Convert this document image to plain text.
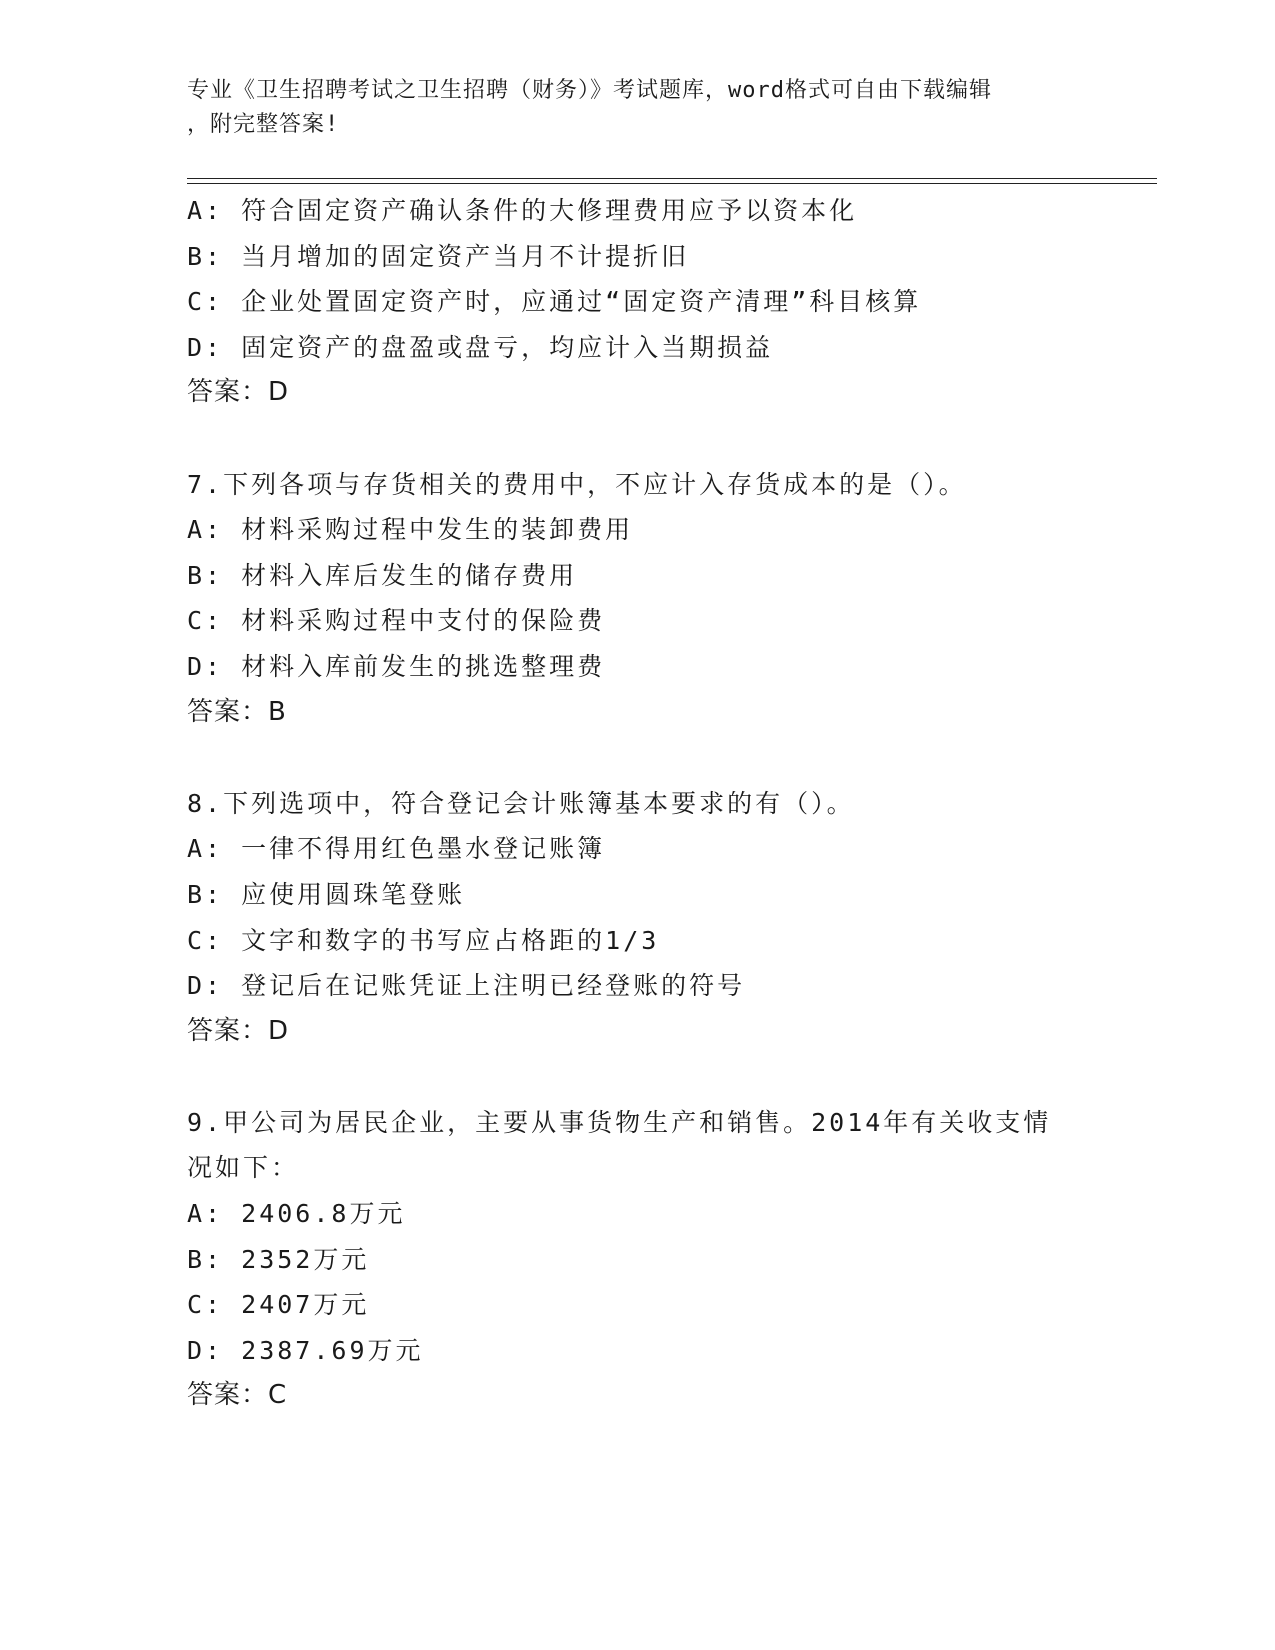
专业《卫生招聘考试之卫生招聘（财务）》考试题库，word格式可自由下载编辑
，附完整答案!
A: 符合固定资产确认条件的大修理费用应予以资本化
B: 当月增加的固定资产当月不计提折旧
C: 企业处置固定资产时，应通过“固定资产清理”科目核算
D: 固定资产的盘盈或盘亏，均应计入当期损益
答案：D
7.下列各项与存货相关的费用中，不应计入存货成本的是（）。
A: 材料采购过程中发生的装卸费用
B: 材料入库后发生的储存费用
C: 材料采购过程中支付的保险费
D: 材料入库前发生的挑选整理费
答案：B
8.下列选项中，符合登记会计账簿基本要求的有（）。
A: 一律不得用红色墨水登记账簿
B: 应使用圆珠笔登账
C: 文字和数字的书写应占格距的1/3
D: 登记后在记账凭证上注明已经登账的符号
答案：D
9.甲公司为居民企业，主要从事货物生产和销售。2014年有关收支情
况如下：
A: 2406.8万元
B: 2352万元
C: 2407万元
D: 2387.69万元
答案：C
